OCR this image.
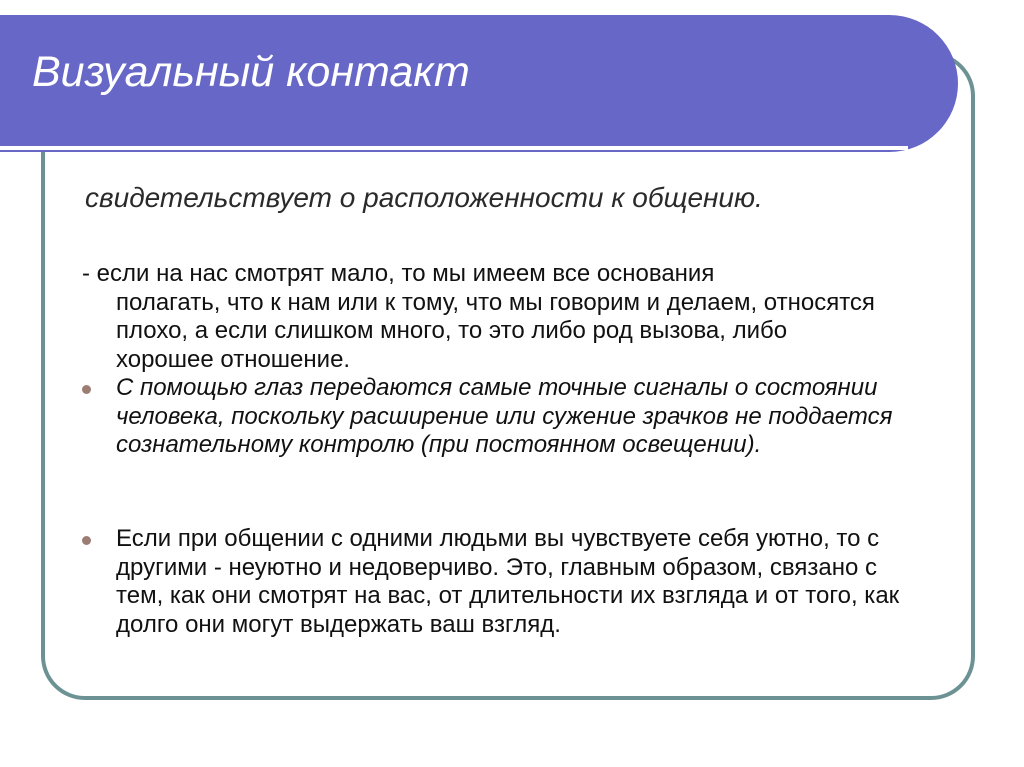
Визуальный контакт
свидетельствует о расположенности к общению.
- если на нас смотрят мало, то мы имеем все основания
полагать, что к нам или к тому, что мы говорим и делаем, относятся плохо, а если слишком много, то это либо род вызова, либо хорошее отношение.
С помощью глаз передаются самые точные сигналы о состоянии человека, поскольку расширение или сужение зрачков не поддается сознательному контролю (при постоянном освещении).
Если при общении с одними людьми вы чувствуете себя уютно, то с другими - неуютно и недоверчиво. Это, главным образом, связано с тем, как они смотрят на вас, от длительности их взгляда и от того, как долго они могут выдержать ваш взгляд.
